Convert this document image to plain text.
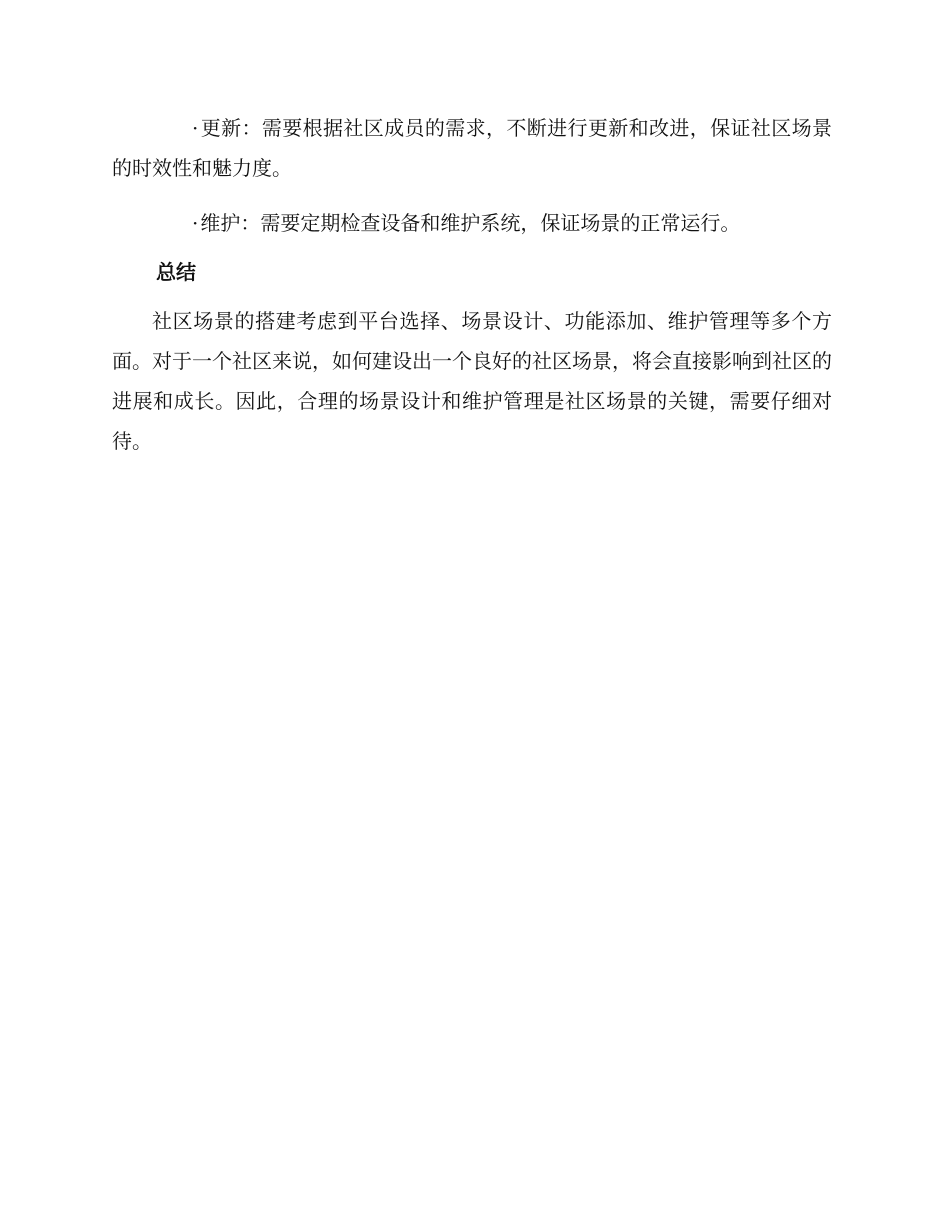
· 更新：需要根据社区成员的需求，不断进行更新和改进，保证社区场景的时效性和魅力度。

· 维护：需要定期检查设备和维护系统，保证场景的正常运行。

总结

社区场景的搭建考虑到平台选择、场景设计、功能添加、维护管理等多个方面。对于一个社区来说，如何建设出一个良好的社区场景，将会直接影响到社区的进展和成长。因此，合理的场景设计和维护管理是社区场景的关键，需要仔细对待。
